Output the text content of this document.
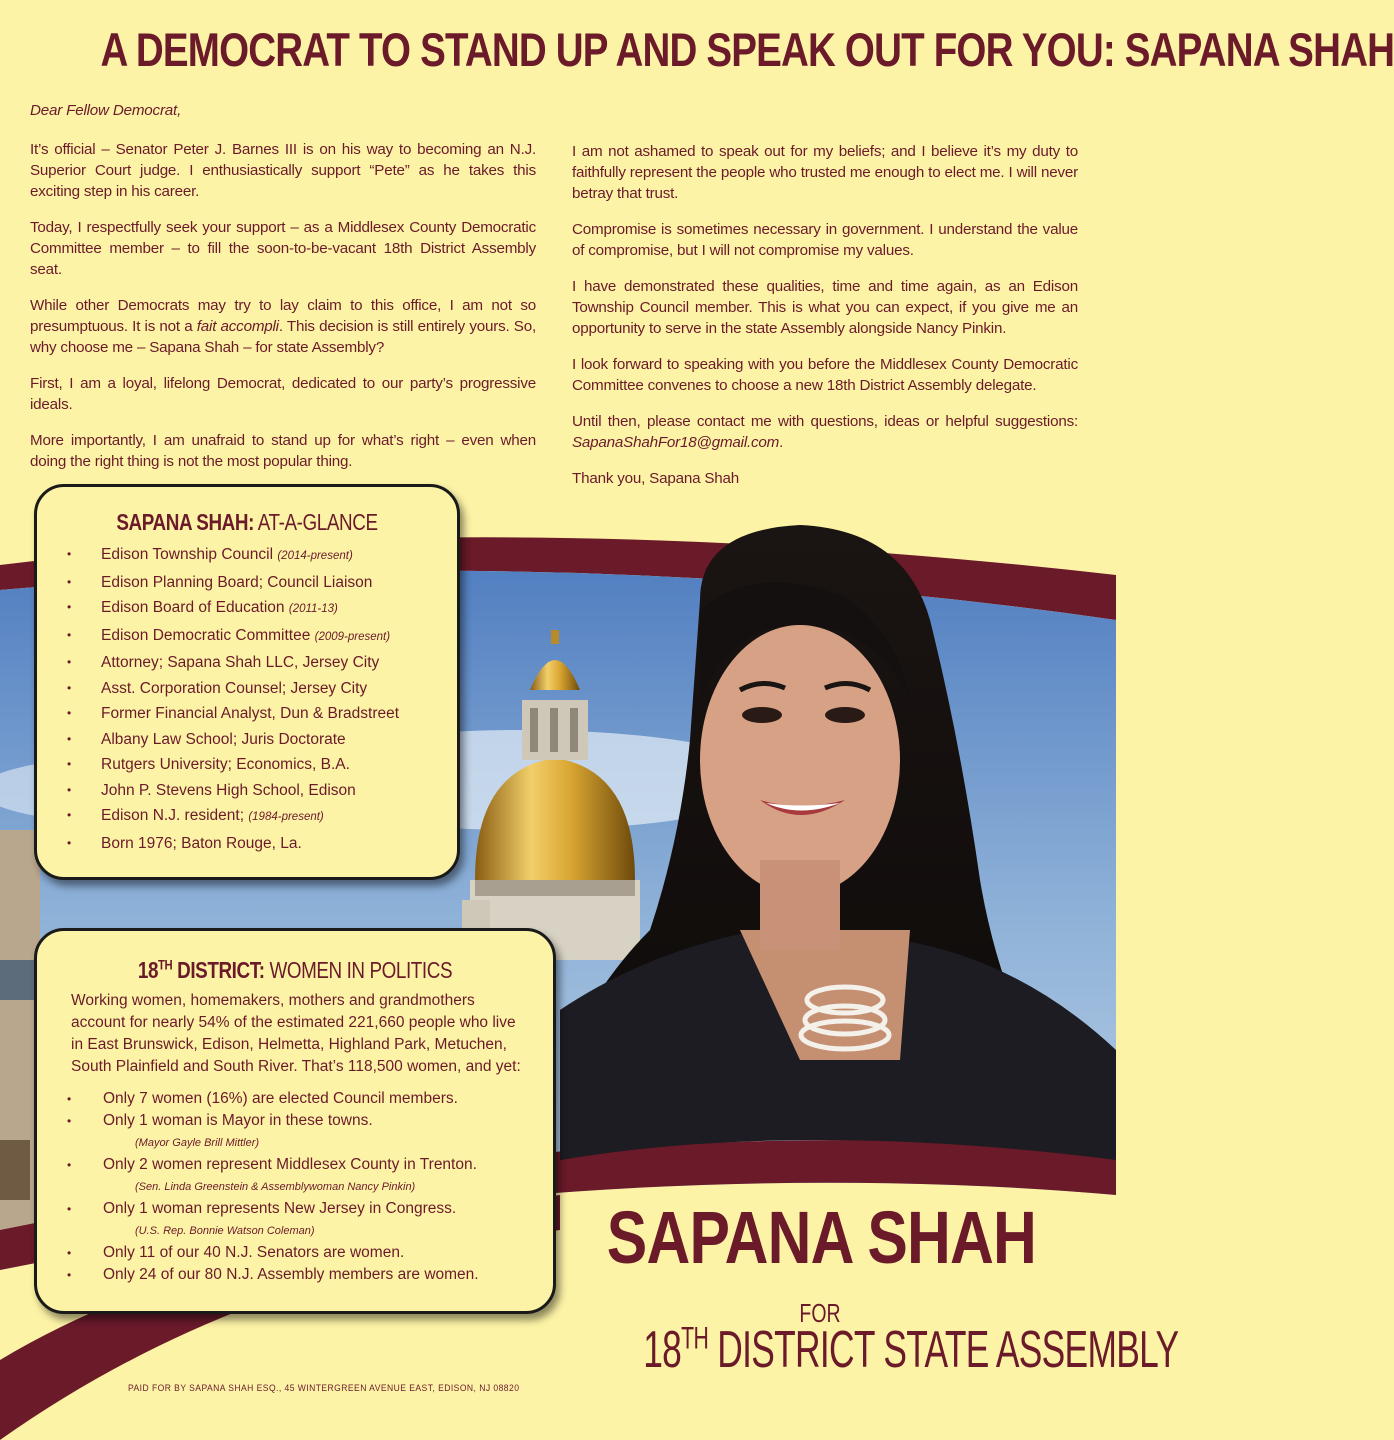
A DEMOCRAT TO STAND UP AND SPEAK OUT FOR YOU: SAPANA SHAH

Dear Fellow Democrat,

It’s official – Senator Peter J. Barnes III is on his way to becoming an N.J. Superior Court judge. I enthusiastically support “Pete” as he takes this exciting step in his career.

Today, I respectfully seek your support – as a Middlesex County Democratic Committee member – to fill the soon-to-be-vacant 18th District Assembly seat.

While other Democrats may try to lay claim to this office, I am not so presumptuous. It is not a fait accompli. This decision is still entirely yours. So, why choose me – Sapana Shah – for state Assembly?

First, I am a loyal, lifelong Democrat, dedicated to our party’s progressive ideals.

More importantly, I am unafraid to stand up for what’s right – even when doing the right thing is not the most popular thing.

I am not ashamed to speak out for my beliefs; and I believe it’s my duty to faithfully represent the people who trusted me enough to elect me. I will never betray that trust.

Compromise is sometimes necessary in government. I understand the value of compromise, but I will not compromise my values.

I have demonstrated these qualities, time and time again, as an Edison Township Council member. This is what you can expect, if you give me an opportunity to serve in the state Assembly alongside Nancy Pinkin.

I look forward to speaking with you before the Middlesex County Democratic Committee convenes to choose a new 18th District Assembly delegate.

Until then, please contact me with questions, ideas or helpful suggestions: SapanaShahFor18@gmail.com.

Thank you, Sapana Shah

SAPANA SHAH: AT-A-GLANCE
• Edison Township Council (2014-present)
• Edison Planning Board; Council Liaison
• Edison Board of Education (2011-13)
• Edison Democratic Committee (2009-present)
• Attorney; Sapana Shah LLC, Jersey City
• Asst. Corporation Counsel; Jersey City
• Former Financial Analyst, Dun & Bradstreet
• Albany Law School; Juris Doctorate
• Rutgers University; Economics, B.A.
• John P. Stevens High School, Edison
• Edison N.J. resident; (1984-present)
• Born 1976; Baton Rouge, La.
18TH DISTRICT: WOMEN IN POLITICS

Working women, homemakers, mothers and grandmothers account for nearly 54% of the estimated 221,660 people who live in East Brunswick, Edison, Helmetta, Highland Park, Metuchen, South Plainfield and South River. That’s 118,500 women, and yet:

• Only 7 women (16%) are elected Council members.
• Only 1 woman is Mayor in these towns.
(Mayor Gayle Brill Mittler)
• Only 2 women represent Middlesex County in Trenton.
(Sen. Linda Greenstein & Assemblywoman Nancy Pinkin)
• Only 1 woman represents New Jersey in Congress.
(U.S. Rep. Bonnie Watson Coleman)
• Only 11 of our 40 N.J. Senators are women.
• Only 24 of our 80 N.J. Assembly members are women.	SAPANA SHAH
FOR
18TH DISTRICT STATE ASSEMBLY
PAID FOR BY SAPANA SHAH ESQ., 45 WINTERGREEN AVENUE EAST, EDISON, NJ 08820
